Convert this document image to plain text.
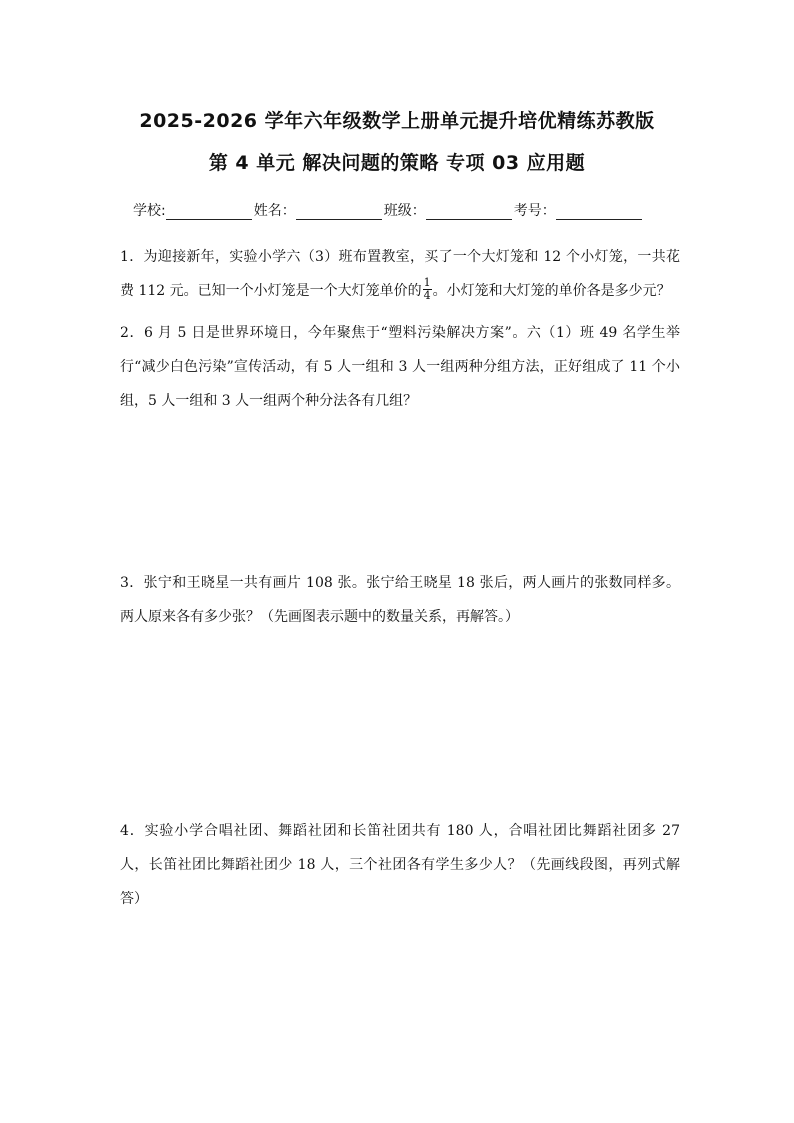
2025-2026 学年六年级数学上册单元提升培优精练苏教版
第 4 单元 解决问题的策略 专项 03 应用题
学校:	姓名：	班级：	考号：
1．为迎接新年，实验小学六（3）班布置教室，买了一个大灯笼和 12 个小灯笼，一共花费 112 元。已知一个小灯笼是一个大灯笼单价的 $\frac{1}{4}$ 。小灯笼和大灯笼的单价各是多少元？
2．6 月 5 日是世界环境日，今年聚焦于“塑料污染解决方案”。六（1）班 49 名学生举行“减少白色污染”宣传活动，有 5 人一组和 3 人一组两种分组方法，正好组成了 11 个小组，5 人一组和 3 人一组两个种分法各有几组？
3．张宁和王晓星一共有画片 108 张。张宁给王晓星 18 张后，两人画片的张数同样多。两人原来各有多少张？（先画图表示题中的数量关系，再解答。）
4．实验小学合唱社团、舞蹈社团和长笛社团共有 180 人，合唱社团比舞蹈社团多 27 人，长笛社团比舞蹈社团少 18 人，三个社团各有学生多少人？（先画线段图，再列式解答）
